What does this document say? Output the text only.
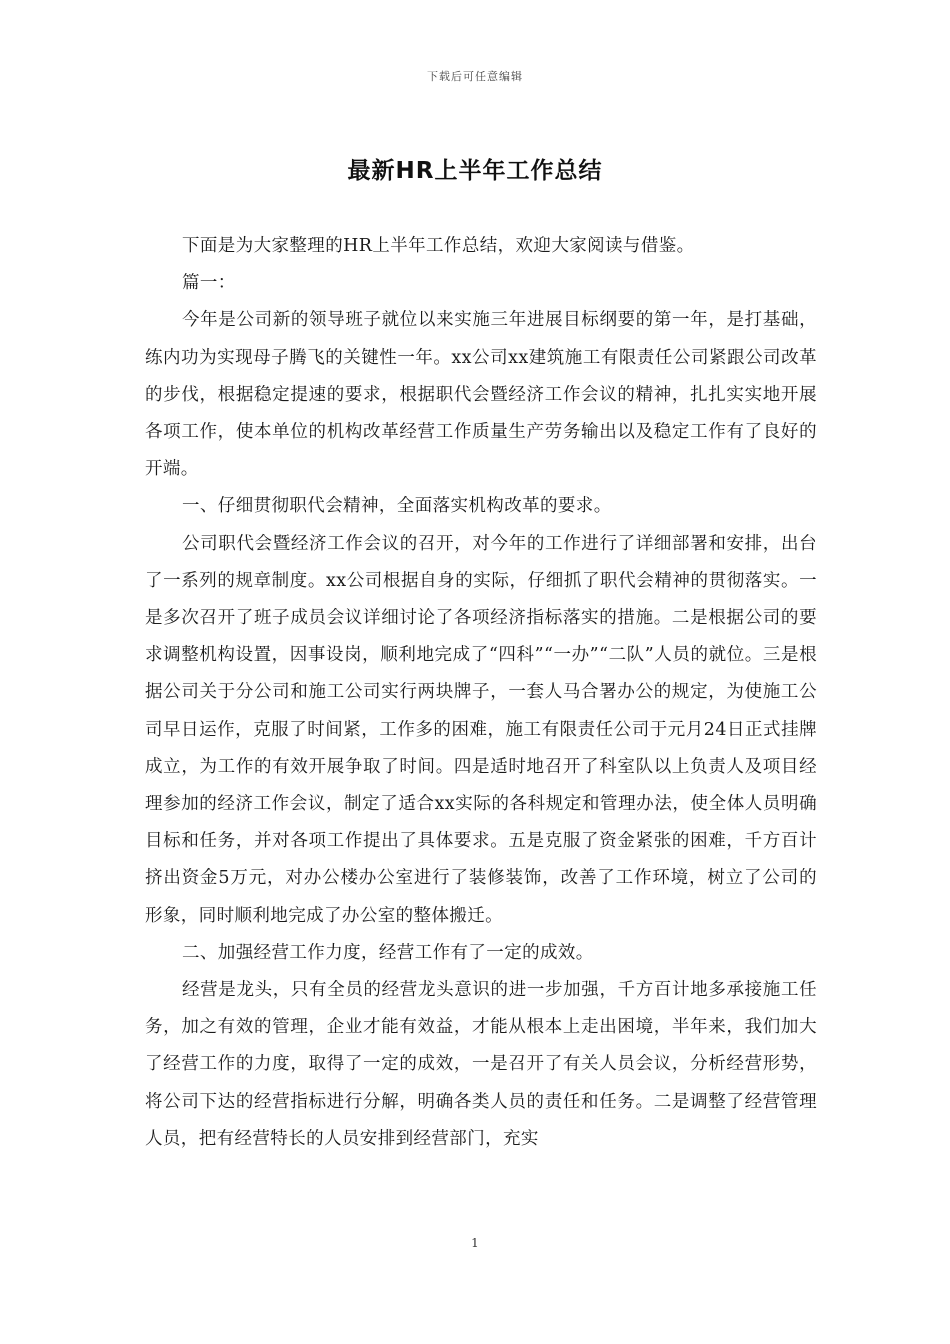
下载后可任意编辑
最新HR上半年工作总结

下面是为大家整理的HR上半年工作总结，欢迎大家阅读与借鉴。

篇一：

今年是公司新的领导班子就位以来实施三年进展目标纲要的第一年，是打基础，练内功为实现母子腾飞的关键性一年。xx公司xx建筑施工有限责任公司紧跟公司改革的步伐，根据稳定提速的要求，根据职代会暨经济工作会议的精神，扎扎实实地开展各项工作，使本单位的机构改革经营工作质量生产劳务输出以及稳定工作有了良好的开端。

一、仔细贯彻职代会精神，全面落实机构改革的要求。

公司职代会暨经济工作会议的召开，对今年的工作进行了详细部署和安排，出台了一系列的规章制度。xx公司根据自身的实际，仔细抓了职代会精神的贯彻落实。一是多次召开了班子成员会议详细讨论了各项经济指标落实的措施。二是根据公司的要求调整机构设置，因事设岗，顺利地完成了“四科”“一办”“二队”人员的就位。三是根据公司关于分公司和施工公司实行两块牌子，一套人马合署办公的规定，为使施工公司早日运作，克服了时间紧，工作多的困难，施工有限责任公司于元月24日正式挂牌成立，为工作的有效开展争取了时间。四是适时地召开了科室队以上负责人及项目经理参加的经济工作会议，制定了适合xx实际的各科规定和管理办法，使全体人员明确目标和任务，并对各项工作提出了具体要求。五是克服了资金紧张的困难，千方百计挤出资金5万元，对办公楼办公室进行了装修装饰，改善了工作环境，树立了公司的形象，同时顺利地完成了办公室的整体搬迁。

二、加强经营工作力度，经营工作有了一定的成效。

经营是龙头，只有全员的经营龙头意识的进一步加强，千方百计地多承接施工任务，加之有效的管理，企业才能有效益，才能从根本上走出困境，半年来，我们加大了经营工作的力度，取得了一定的成效，一是召开了有关人员会议，分析经营形势，将公司下达的经营指标进行分解，明确各类人员的责任和任务。二是调整了经营管理人员，把有经营特长的人员安排到经营部门，充实

1
